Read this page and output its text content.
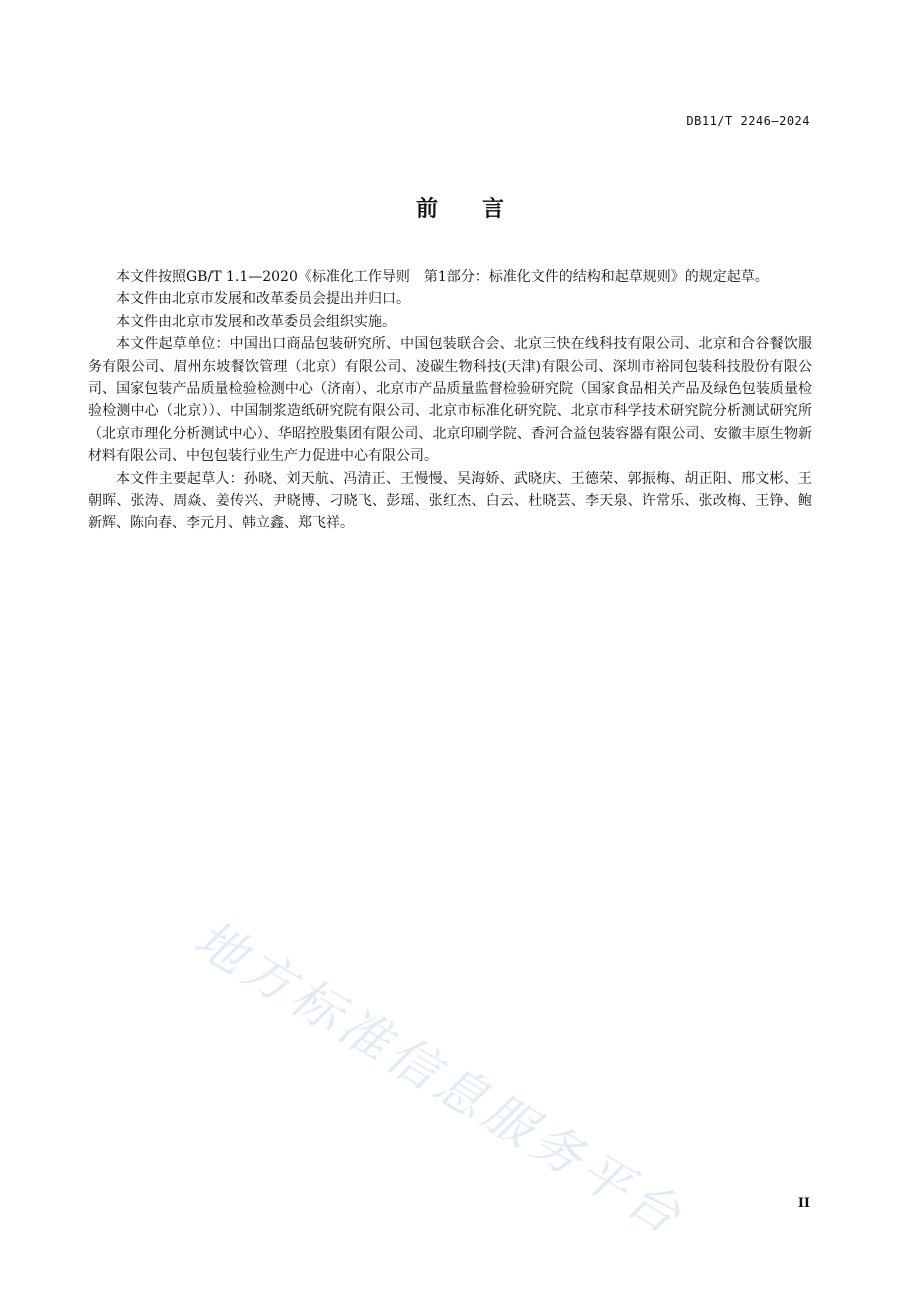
DB11/T 2246—2024
前言

本文件按照GB/T 1.1—2020《标准化工作导则　第1部分：标准化文件的结构和起草规则》的规定起草。

本文件由北京市发展和改革委员会提出并归口。

本文件由北京市发展和改革委员会组织实施。

本文件起草单位：中国出口商品包装研究所、中国包装联合会、北京三快在线科技有限公司、北京和合谷餐饮服务有限公司、眉州东坡餐饮管理（北京）有限公司、凌碳生物科技(天津)有限公司、深圳市裕同包装科技股份有限公司、国家包装产品质量检验检测中心（济南）、北京市产品质量监督检验研究院（国家食品相关产品及绿色包装质量检验检测中心（北京））、中国制浆造纸研究院有限公司、北京市标准化研究院、北京市科学技术研究院分析测试研究所（北京市理化分析测试中心）、华昭控股集团有限公司、北京印刷学院、香河合益包装容器有限公司、安徽丰原生物新材料有限公司、中包包装行业生产力促进中心有限公司。

本文件主要起草人：孙晓、刘天航、冯清正、王慢慢、吴海娇、武晓庆、王德荣、郭振梅、胡正阳、邢文彬、王朝晖、张涛、周焱、姜传兴、尹晓博、刁晓飞、彭瑶、张红杰、白云、杜晓芸、李天泉、许常乐、张改梅、王铮、鲍新辉、陈向春、李元月、韩立鑫、郑飞祥。

地方标准信息服务平台	II
